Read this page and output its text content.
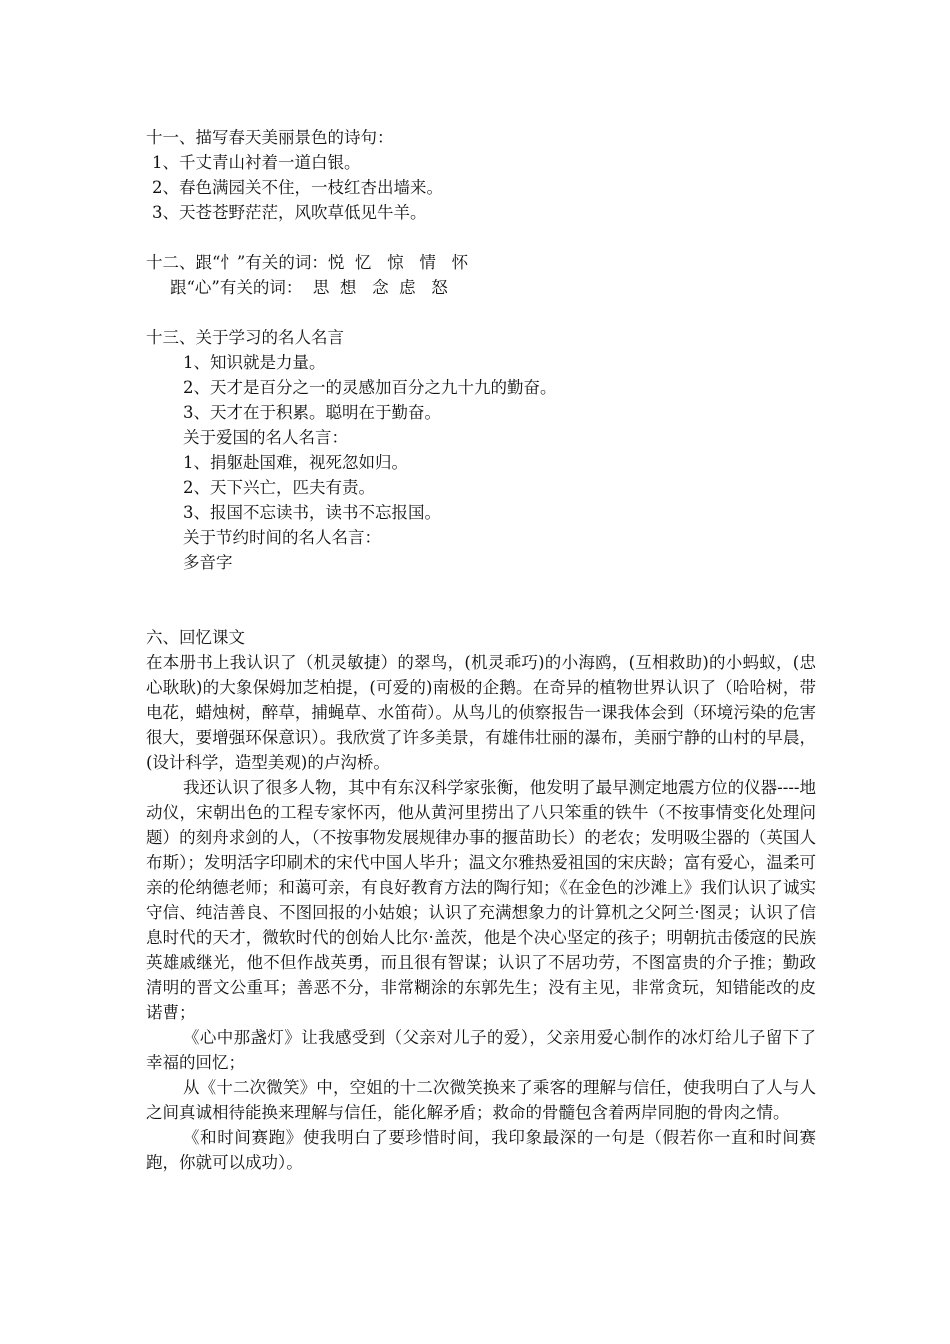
十一、描写春天美丽景色的诗句：
1、千丈青山衬着一道白银。
2、春色满园关不住，一枝红杏出墙来。
3、天苍苍野茫茫，风吹草低见牛羊。
十二、跟“忄”有关的词：悦  忆   惊   情   怀
跟“心”有关的词：  思  想   念  虑   怒
十三、关于学习的名人名言
1、知识就是力量。
2、天才是百分之一的灵感加百分之九十九的勤奋。
3、天才在于积累。聪明在于勤奋。
关于爱国的名人名言：
1、捐躯赴国难，视死忽如归。
2、天下兴亡，匹夫有责。
3、报国不忘读书，读书不忘报国。
关于节约时间的名人名言：
多音字
六、回忆课文

在本册书上我认识了（机灵敏捷）的翠鸟，(机灵乖巧)的小海鸥，(互相救助)的小蚂蚁，(忠心耿耿)的大象保姆加芝柏提，(可爱的)南极的企鹅。在奇异的植物世界认识了（哈哈树，带电花，蜡烛树，醉草，捕蝇草、水笛荷）。从鸟儿的侦察报告一课我体会到（环境污染的危害很大，要增强环保意识）。我欣赏了许多美景，有雄伟壮丽的瀑布，美丽宁静的山村的早晨，(设计科学，造型美观)的卢沟桥。

我还认识了很多人物，其中有东汉科学家张衡，他发明了最早测定地震方位的仪器----地动仪，宋朝出色的工程专家怀丙，他从黄河里捞出了八只笨重的铁牛（不按事情变化处理问题）的刻舟求剑的人，（不按事物发展规律办事的揠苗助长）的老农；发明吸尘器的（英国人布斯）；发明活字印刷术的宋代中国人毕升；温文尔雅热爱祖国的宋庆龄；富有爱心，温柔可亲的伦纳德老师；和蔼可亲，有良好教育方法的陶行知；《在金色的沙滩上》我们认识了诚实守信、纯洁善良、不图回报的小姑娘；认识了充满想象力的计算机之父阿兰·图灵；认识了信息时代的天才，微软时代的创始人比尔·盖茨，他是个决心坚定的孩子；明朝抗击倭寇的民族英雄戚继光，他不但作战英勇，而且很有智谋；认识了不居功劳，不图富贵的介子推；勤政清明的晋文公重耳；善恶不分，非常糊涂的东郭先生；没有主见，非常贪玩，知错能改的皮诺曹；

《心中那盏灯》让我感受到（父亲对儿子的爱），父亲用爱心制作的冰灯给儿子留下了幸福的回忆；

从《十二次微笑》中，空姐的十二次微笑换来了乘客的理解与信任，使我明白了人与人之间真诚相待能换来理解与信任，能化解矛盾；救命的骨髓包含着两岸同胞的骨肉之情。

《和时间赛跑》使我明白了要珍惜时间，我印象最深的一句是（假若你一直和时间赛跑，你就可以成功）。
